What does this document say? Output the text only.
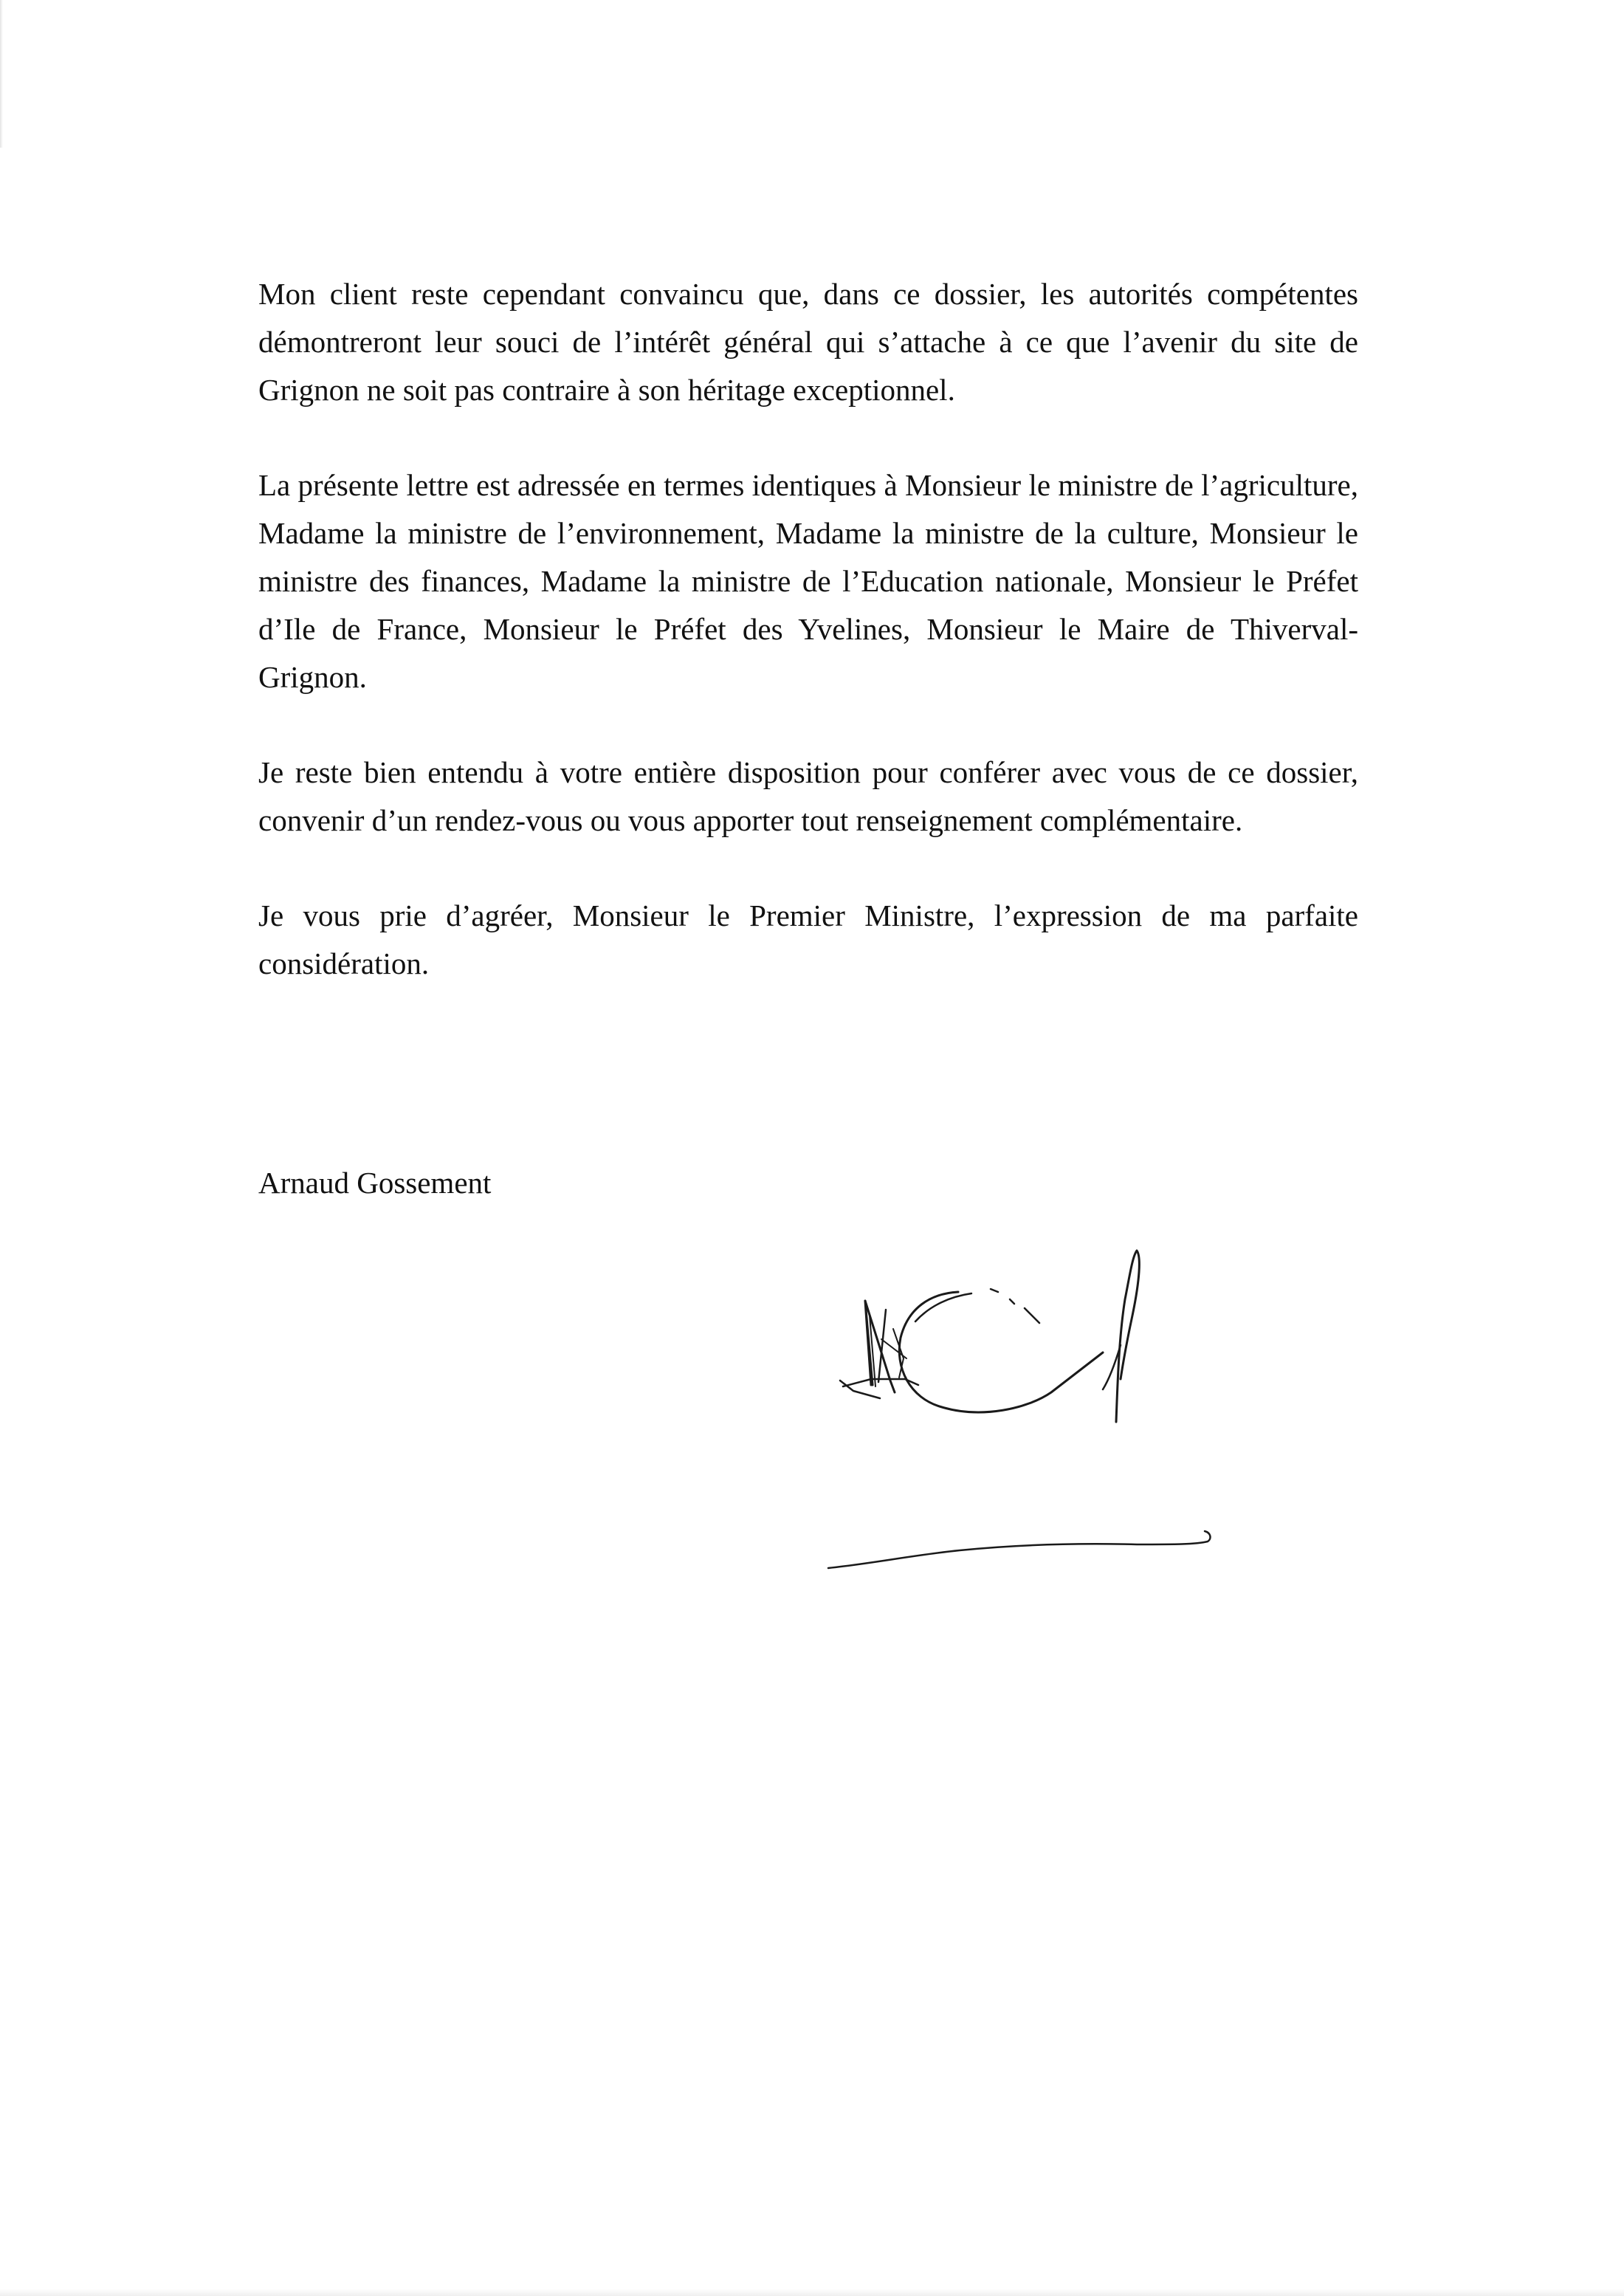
Mon client reste cependant convaincu que, dans ce dossier, les autorités compétentes démontreront leur souci de l’intérêt général qui s’attache à ce que l’avenir du site de Grignon ne soit pas contraire à son héritage exceptionnel.

La présente lettre est adressée en termes identiques à Monsieur le ministre de l’agriculture, Madame la ministre de l’environnement, Madame la ministre de la culture, Monsieur le ministre des finances, Madame la ministre de l’Education nationale, Monsieur le Préfet d’Ile de France, Monsieur le Préfet des Yvelines, Monsieur le Maire de Thiverval-Grignon.

Je reste bien entendu à votre entière disposition pour conférer avec vous de ce dossier, convenir d’un rendez-vous ou vous apporter tout renseignement complémentaire.

Je vous prie d’agréer, Monsieur le Premier Ministre, l’expression de ma parfaite considération.

Arnaud Gossement
